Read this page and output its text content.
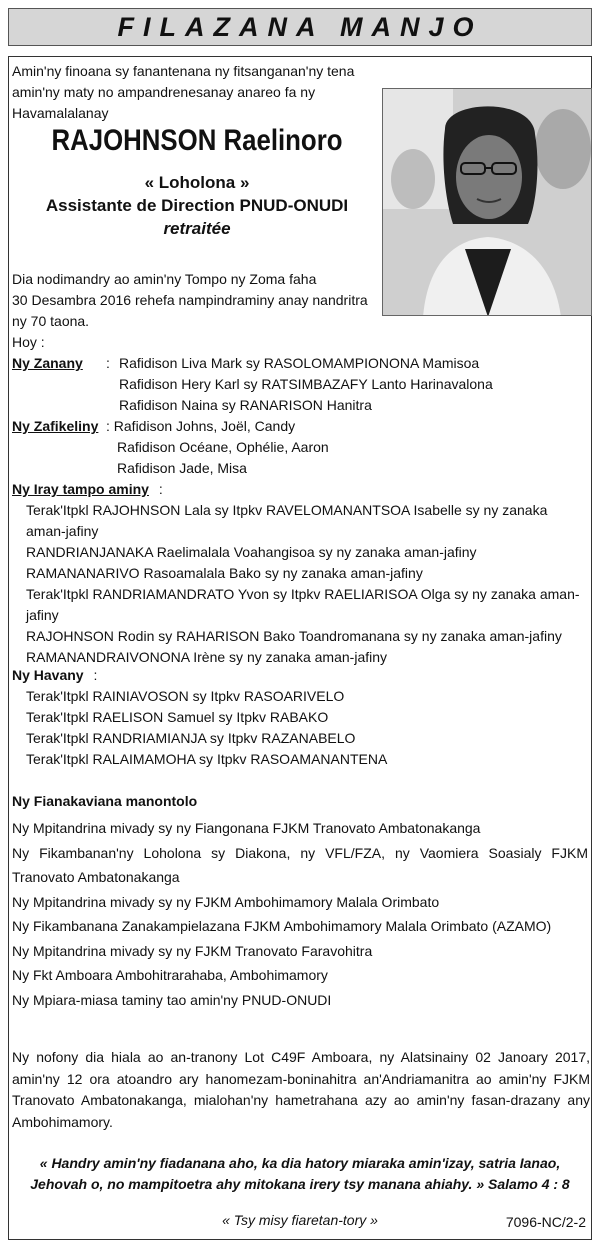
FILAZANA MANJO
Amin'ny finoana sy fanantenana ny fitsanganan'ny tena amin'ny maty no ampandrenesanay anareo fa ny Havamalalanay
RAJOHNSON Raelinoro
« Loholona »
Assistante de Direction PNUD-ONUDI
retraitée
Dia nodimandry ao amin'ny Tompo ny Zoma faha
30 Desambra 2016 rehefa nampindraminy anay nandritra
ny 70 taona.
Hoy :
Ny Zanany : Rafidison Liva Mark sy RASOLOMAMPIONONA Mamisoa
Rafidison Hery Karl sy RATSIMBAZAFY Lanto Harinavalona
Rafidison Naina sy RANARISON Hanitra
Ny Zafikeliny : Rafidison Johns, Joël, Candy
Rafidison Océane, Ophélie, Aaron
Rafidison Jade, Misa
Ny Iray tampo aminy :
Terak'Itpkl RAJOHNSON Lala sy Itpkv RAVELOMANANTSOA Isabelle sy ny zanaka
aman-jafiny
RANDRIANJANAKA Raelimalala Voahangisoa sy ny zanaka aman-jafiny
RAMANANARIVO Rasoamalala Bako sy ny zanaka aman-jafiny
Terak'Itpkl RANDRIAMANDRATO Yvon sy Itpkv RAELIARISOA Olga sy ny zanaka aman-
jafiny
RAJOHNSON Rodin sy RAHARISON Bako Toandromanana sy ny zanaka aman-jafiny
RAMANANDRAIVONONA Irène sy ny zanaka aman-jafiny
Ny Havany :
Terak'Itpkl RAINIAVOSON sy Itpkv RASOARIVELO
Terak'Itpkl RAELISON Samuel sy Itpkv RABAKO
Terak'Itpkl RANDRIAMIANJA sy Itpkv RAZANABELO
Terak'Itpkl RALAIMAMOHA sy Itpkv RASOAMANANTENA
Ny Fianakaviana manontolo
Ny Mpitandrina mivady sy ny Fiangonana FJKM Tranovato Ambatonakanga
Ny Fikambanan'ny Loholona sy Diakona, ny VFL/FZA, ny Vaomiera Soasialy FJKM
Tranovato Ambatonakanga
Ny Mpitandrina mivady sy ny FJKM Ambohimamory Malala Orimbato
Ny Fikambanana Zanakampielazana FJKM Ambohimamory Malala Orimbato (AZAMO)
Ny Mpitandrina mivady sy ny FJKM Tranovato Faravohitra
Ny Fkt Amboara Ambohitrarahaba, Ambohimamory
Ny Mpiara-miasa taminy tao amin'ny PNUD-ONUDI
Ny nofony dia hiala ao an-tranony Lot C49F Amboara, ny Alatsinainy 02 Janoary 2017, amin'ny 12 ora atoandro ary hanomezam-boninahitra an'Andriamanitra ao amin'ny FJKM Tranovato Ambatonakanga, mialohan'ny hametrahana azy ao amin'ny fasan-drazany any Ambohimamory.
« Handry amin'ny fiadanana aho, ka dia hatory miaraka amin'izay, satria Ianao,
Jehovah o, no mampitoetra ahy mitokana irery tsy manana ahiahy. » Salamo 4 : 8
« Tsy misy fiaretan-tory »	7096-NC/2-2
